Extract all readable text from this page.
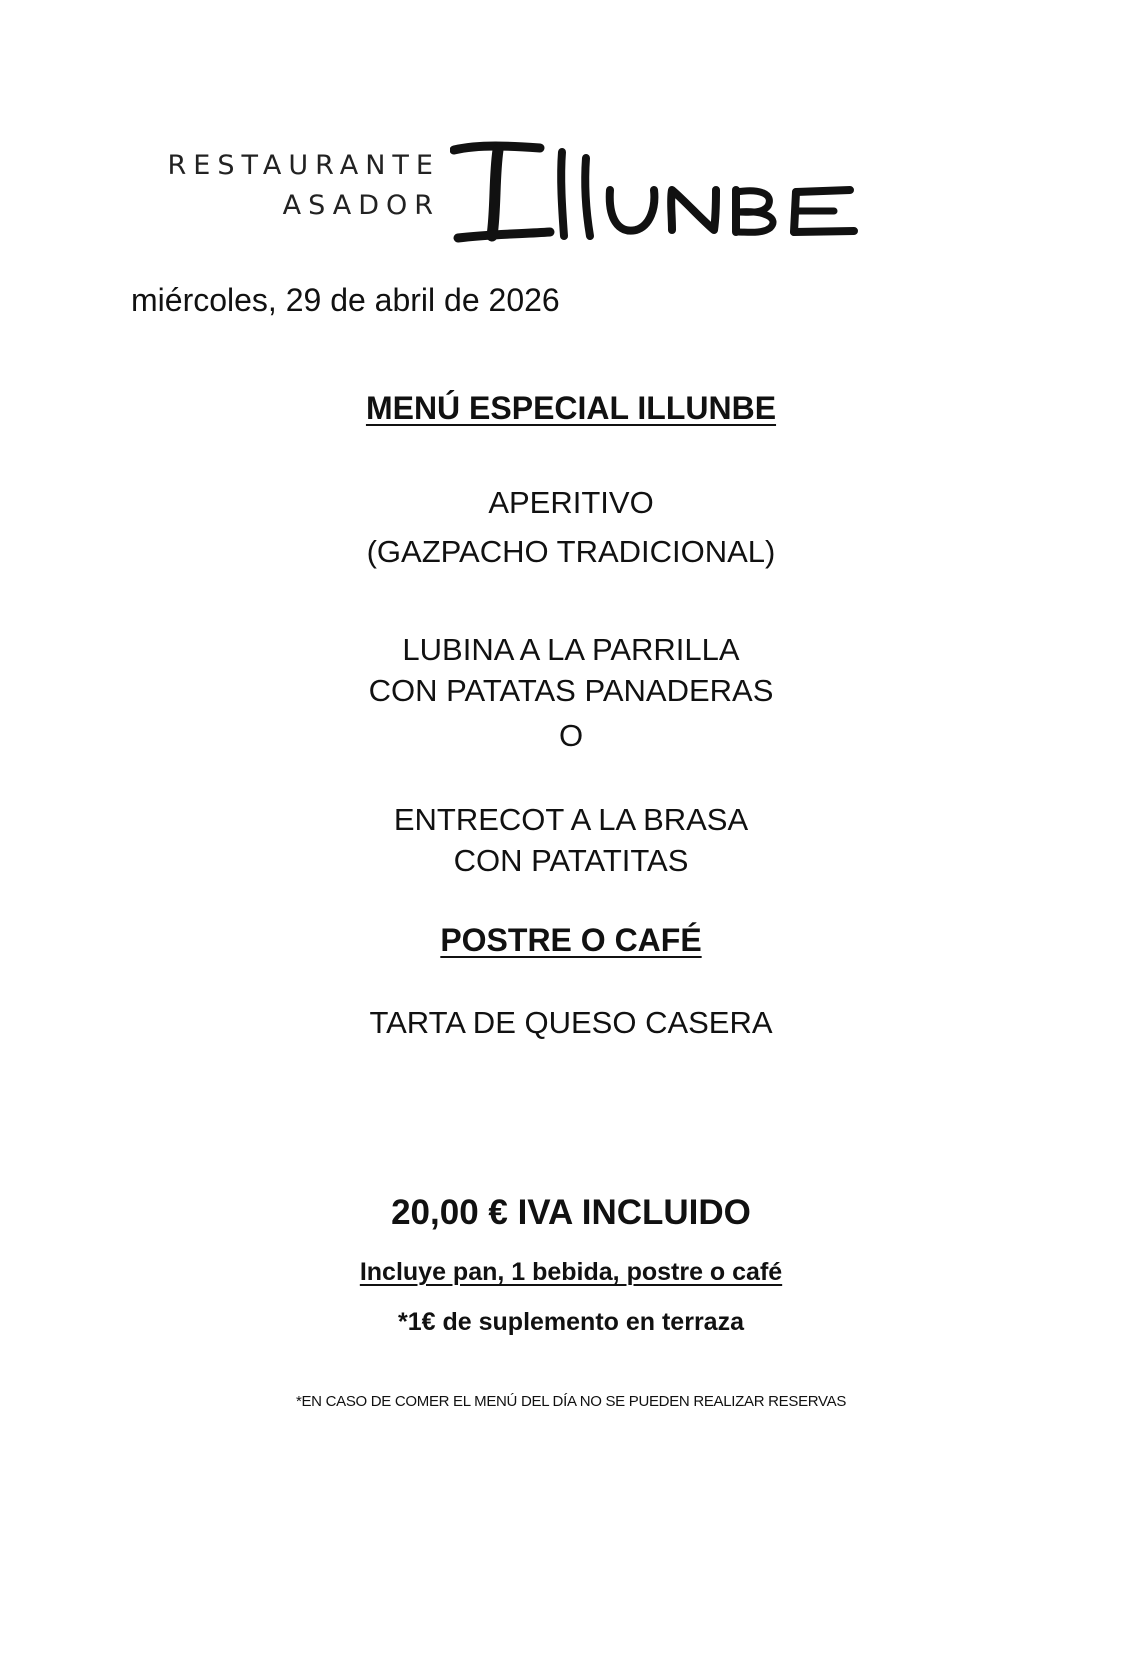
RESTAURANTE
ASADOR
miércoles, 29 de abril de 2026
MENÚ ESPECIAL ILLUNBE
APERITIVO
(GAZPACHO TRADICIONAL)
LUBINA A LA PARRILLA
CON PATATAS PANADERAS
O
ENTRECOT A LA BRASA
CON PATATITAS
POSTRE O CAFÉ
TARTA DE QUESO CASERA
20,00 € IVA INCLUIDO
Incluye pan, 1 bebida, postre o café
*1€ de suplemento en terraza
*EN CASO DE COMER EL MENÚ DEL DÍA NO SE PUEDEN REALIZAR RESERVAS
